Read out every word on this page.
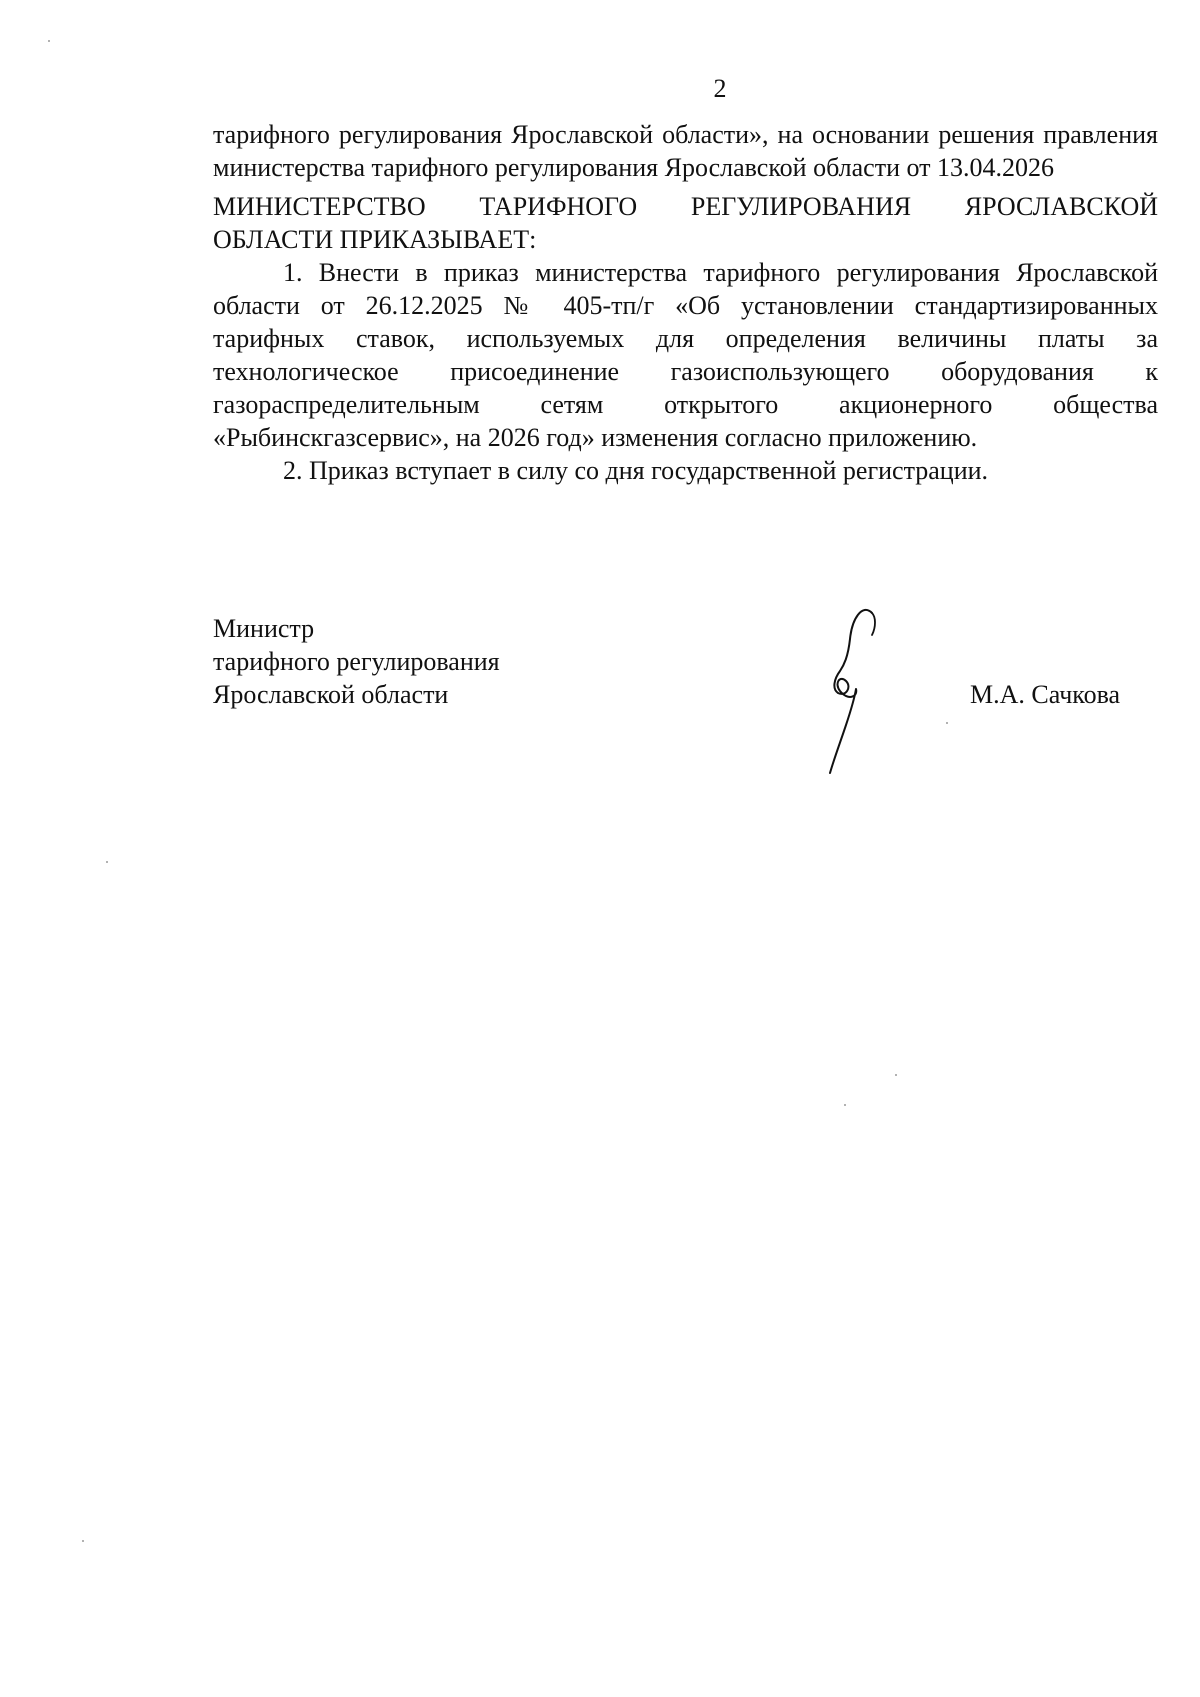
2

тарифного регулирования Ярославской области», на основании решения правления министерства тарифного регулирования Ярославской области от 13.04.2026

МИНИСТЕРСТВО ТАРИФНОГО РЕГУЛИРОВАНИЯ ЯРОСЛАВСКОЙ
ОБЛАСТИ ПРИКАЗЫВАЕТ:

1. Внести в приказ министерства тарифного регулирования Ярославской области от 26.12.2025 № 405-тп/г «Об установлении стандартизированных тарифных ставок, используемых для определения величины платы за технологическое присоединение газоиспользующего оборудования к газораспределительным сетям открытого акционерного общества «Рыбинскгазсервис», на 2026 год» изменения согласно приложению.

2. Приказ вступает в силу со дня государственной регистрации.

Министр
тарифного регулирования
Ярославской области	М.А. Сачкова
